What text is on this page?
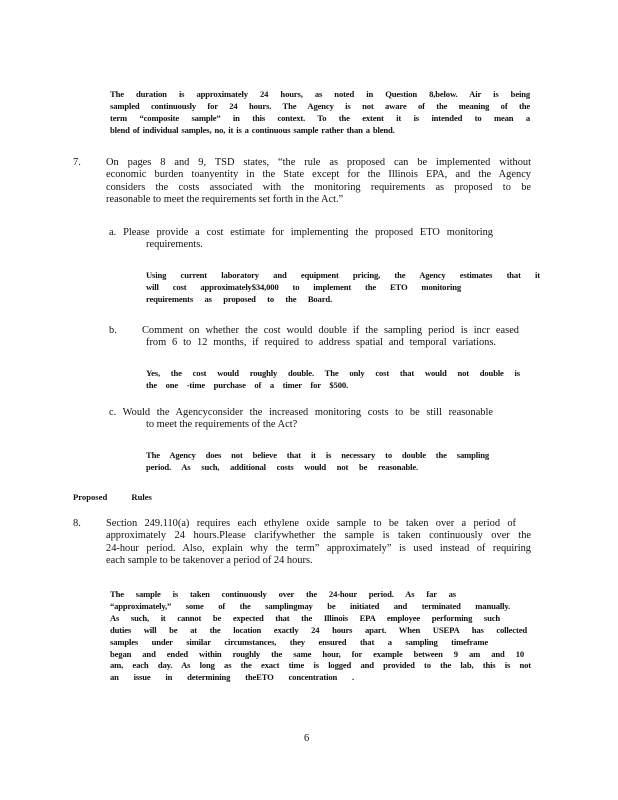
The duration is approximately 24 hours, as noted in Question 8,below. Air is being
sampled continuously for 24 hours. The Agency is not aware of the meaning of the
term “composite sample” in this context. To the extent it is intended to mean a
blend of individual samples, no, it is a continuous sample rather than a blend.
7. On pages 8 and 9, TSD states, “the rule as proposed can be implemented without
economic burden toanyentity in the State except for the Illinois EPA, and the Agency
considers the costs associated with the monitoring requirements as proposed to be
reasonable to meet the requirements set forth in the Act.”
a. Please provide a cost estimate for implementing the proposed ETO monitoring
requirements.
Using current laboratory and equipment pricing, the Agency estimates that it
will cost approximately$34,000 to implement the ETO monitoring
requirements as proposed to the Board.
b. Comment on whether the cost would double if the sampling period is incr eased
from 6 to 12 months, if required to address spatial and temporal variations.
Yes, the cost would roughly double. The only cost that would not double is
the one -time purchase of a timer for $500.
c. Would the Agencyconsider the increased monitoring costs to be still reasonable
to meet the requirements of the Act?
The Agency does not believe that it is necessary to double the sampling
period. As such, additional costs would not be reasonable.
Proposed Rules
8. Section 249.110(a) requires each ethylene oxide sample to be taken over a period of
approximately 24 hours.Please clarifywhether the sample is taken continuously over the
24-hour period. Also, explain why the term” approximately” is used instead of requiring
each sample to be takenover a period of 24 hours.
The sample is taken continuously over the 24-hour period. As far as
“approximately,” some of the samplingmay be initiated and terminated manually.
As such, it cannot be expected that the Illinois EPA employee performing such
duties will be at the location exactly 24 hours apart. When USEPA has collected
samples under similar circumstances, they ensured that a sampling timeframe
began and ended within roughly the same hour, for example between 9 am and 10
am, each day. As long as the exact time is logged and provided to the lab, this is not
an issue in determining theETO concentration .
6
